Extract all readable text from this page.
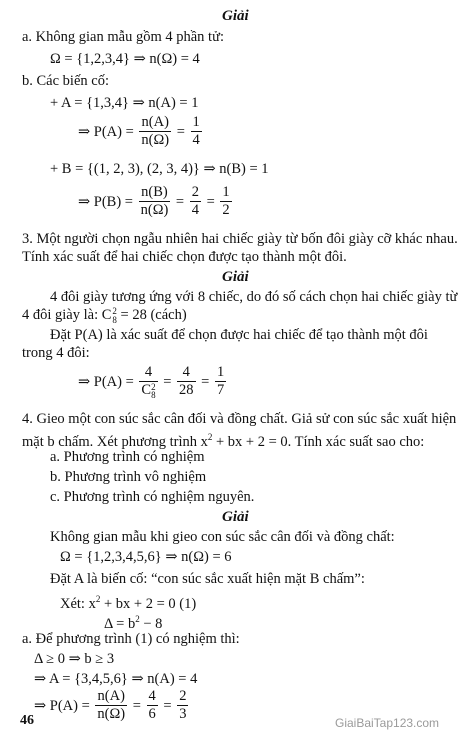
Giải
a. Không gian mẫu gồm 4 phần tử:
Ω = {1,2,3,4} ⇒ n(Ω) = 4
b. Các biến cố:
+ A = {1,3,4} ⇒ n(A) = 1
⇒ $P(A) = \frac{n(A)}{n(\Omega)} = \frac{1}{4}$
+ B = {(1, 2, 3), (2, 3, 4)} ⇒ n(B) = 1
⇒ $P(B) = \frac{n(B)}{n(\Omega)} = \frac{2}{4} = \frac{1}{2}$
3. Một người chọn ngẫu nhiên hai chiếc giày từ bốn đôi giày cỡ khác nhau.
Tính xác suất để hai chiếc chọn được tạo thành một đôi.
Giải
4 đôi giày tương ứng với 8 chiếc, do đó số cách chọn hai chiếc giày từ
4 đôi giày là: C 2
8 = 28 (cách)
Đặt P(A) là xác suất để chọn được hai chiếc để tạo thành một đôi
trong 4 đôi:
⇒ P(A) = 4
C 2
$8 = \frac{4}{28} = \frac{1}{7}$
4. Gieo một con súc sắc cân đối và đồng chất. Giả sử con súc sắc xuất hiện
mặt b chấm. Xét phương trình $x^2$ + bx + 2 = 0. Tính xác suất sao cho:
a. Phương trình có nghiệm
b. Phương trình vô nghiệm
c. Phương trình có nghiệm nguyên.
Giải
Không gian mẫu khi gieo con súc sắc cân đối và đồng chất:
Ω = {1,2,3,4,5,6} ⇒ n(Ω) = 6
Đặt A là biến cố: “con súc sắc xuất hiện mặt B chấm”:
Xét: $x^2$ + bx + 2 = 0 (1)
$\Delta = b^2 - 8$
a. Để phương trình (1) có nghiệm thì:
Δ ≥ 0 ⇒ b ≥ 3
⇒ A = {3,4,5,6} ⇒ n(A) = 4
⇒ $P(A) = \frac{n(A)}{n(\Omega)} = \frac{4}{6} = \frac{2}{3}$
46	GiaiBaiTap123.com
